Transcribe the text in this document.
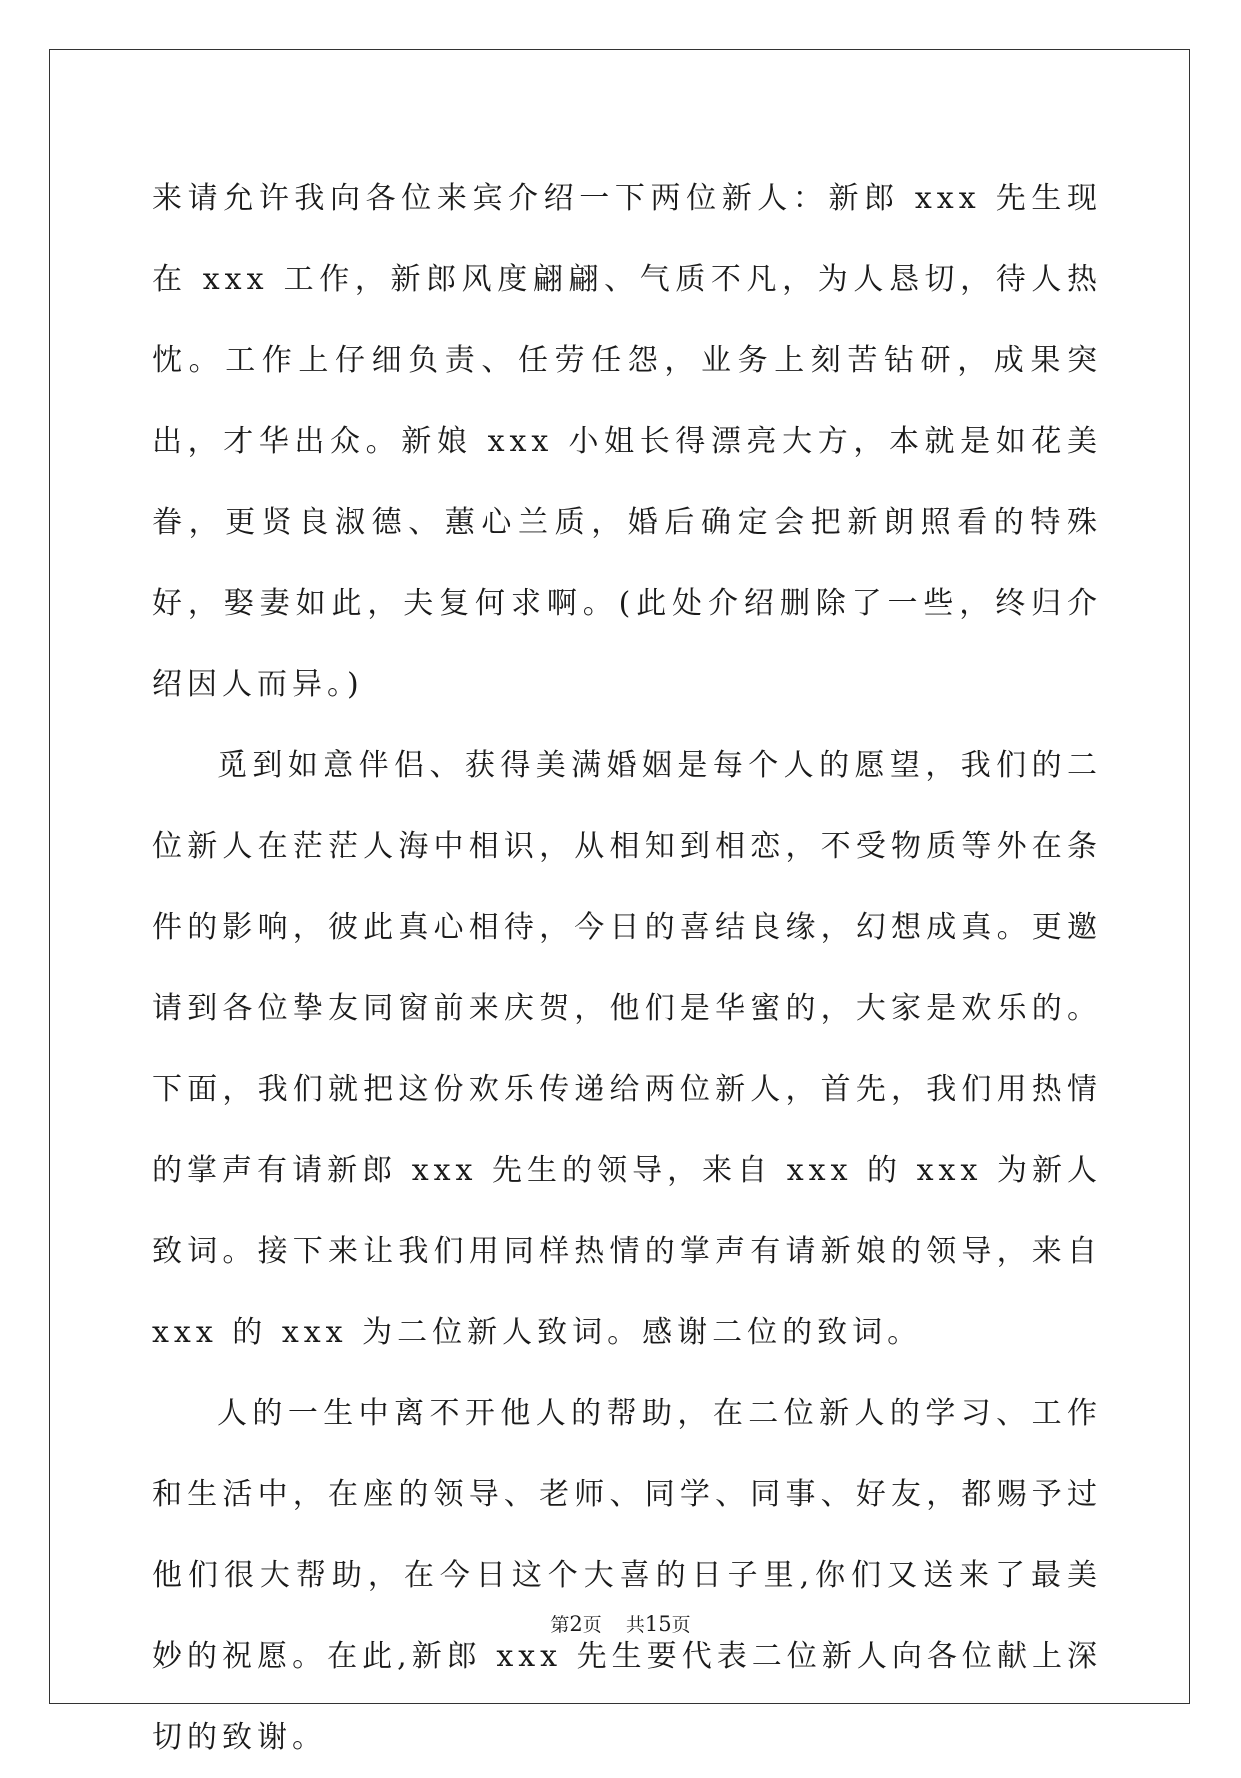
来请允许我向各位来宾介绍一下两位新人：新郎 xxx 先生现在 xxx 工作，新郎风度翩翩、气质不凡，为人恳切，待人热忱。工作上仔细负责、任劳任怨，业务上刻苦钻研，成果突出，才华出众。新娘 xxx 小姐长得漂亮大方，本就是如花美眷，更贤良淑德、蕙心兰质，婚后确定会把新朗照看的特殊好，娶妻如此，夫复何求啊。(此处介绍删除了一些，终归介绍因人而异。)

觅到如意伴侣、获得美满婚姻是每个人的愿望，我们的二位新人在茫茫人海中相识，从相知到相恋，不受物质等外在条件的影响，彼此真心相待，今日的喜结良缘，幻想成真。更邀请到各位挚友同窗前来庆贺，他们是华蜜的，大家是欢乐的。下面，我们就把这份欢乐传递给两位新人，首先，我们用热情的掌声有请新郎 xxx 先生的领导，来自 xxx 的 xxx 为新人致词。接下来让我们用同样热情的掌声有请新娘的领导，来自 xxx 的 xxx 为二位新人致词。感谢二位的致词。

人的一生中离不开他人的帮助，在二位新人的学习、工作和生活中，在座的领导、老师、同学、同事、好友，都赐予过他们很大帮助，在今日这个大喜的日子里,你们又送来了最美妙的祝愿。在此,新郎 xxx 先生要代表二位新人向各位献上深切的致谢。

第2页 共15页
